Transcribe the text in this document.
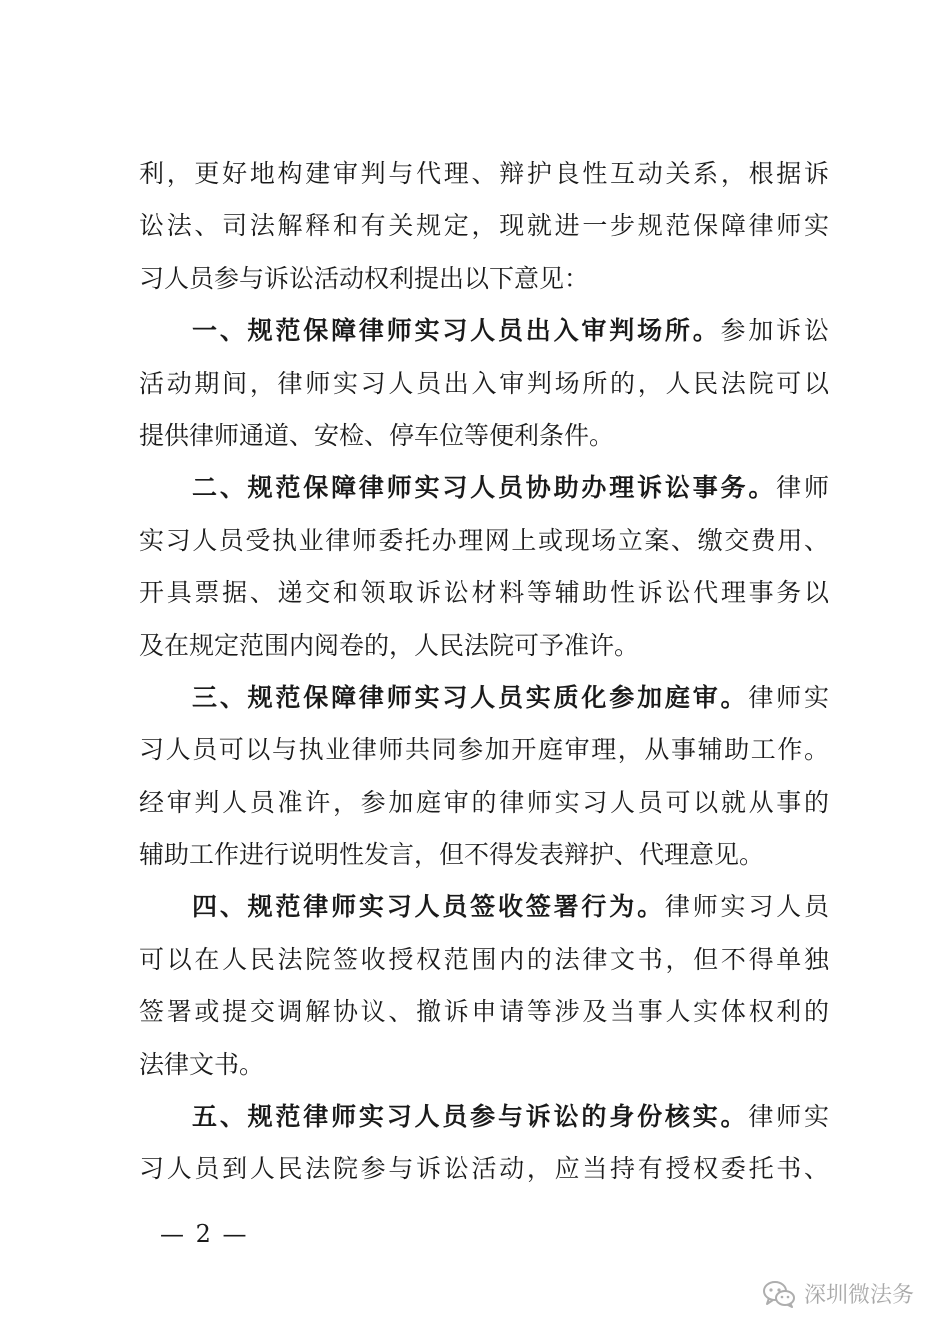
利，更好地构建审判与代理、辩护良性互动关系，根据诉
讼法、司法解释和有关规定，现就进一步规范保障律师实
习人员参与诉讼活动权利提出以下意见：
一、规范保障律师实习人员出入审判场所。参加诉讼
活动期间，律师实习人员出入审判场所的，人民法院可以
提供律师通道、安检、停车位等便利条件。
二、规范保障律师实习人员协助办理诉讼事务。律师
实习人员受执业律师委托办理网上或现场立案、缴交费用、
开具票据、递交和领取诉讼材料等辅助性诉讼代理事务以
及在规定范围内阅卷的，人民法院可予准许。
三、规范保障律师实习人员实质化参加庭审。律师实
习人员可以与执业律师共同参加开庭审理，从事辅助工作。
经审判人员准许，参加庭审的律师实习人员可以就从事的
辅助工作进行说明性发言，但不得发表辩护、代理意见。
四、规范律师实习人员签收签署行为。律师实习人员
可以在人民法院签收授权范围内的法律文书，但不得单独
签署或提交调解协议、撤诉申请等涉及当事人实体权利的
法律文书。
五、规范律师实习人员参与诉讼的身份核实。律师实
习人员到人民法院参与诉讼活动，应当持有授权委托书、
— 2 —
深圳微法务
